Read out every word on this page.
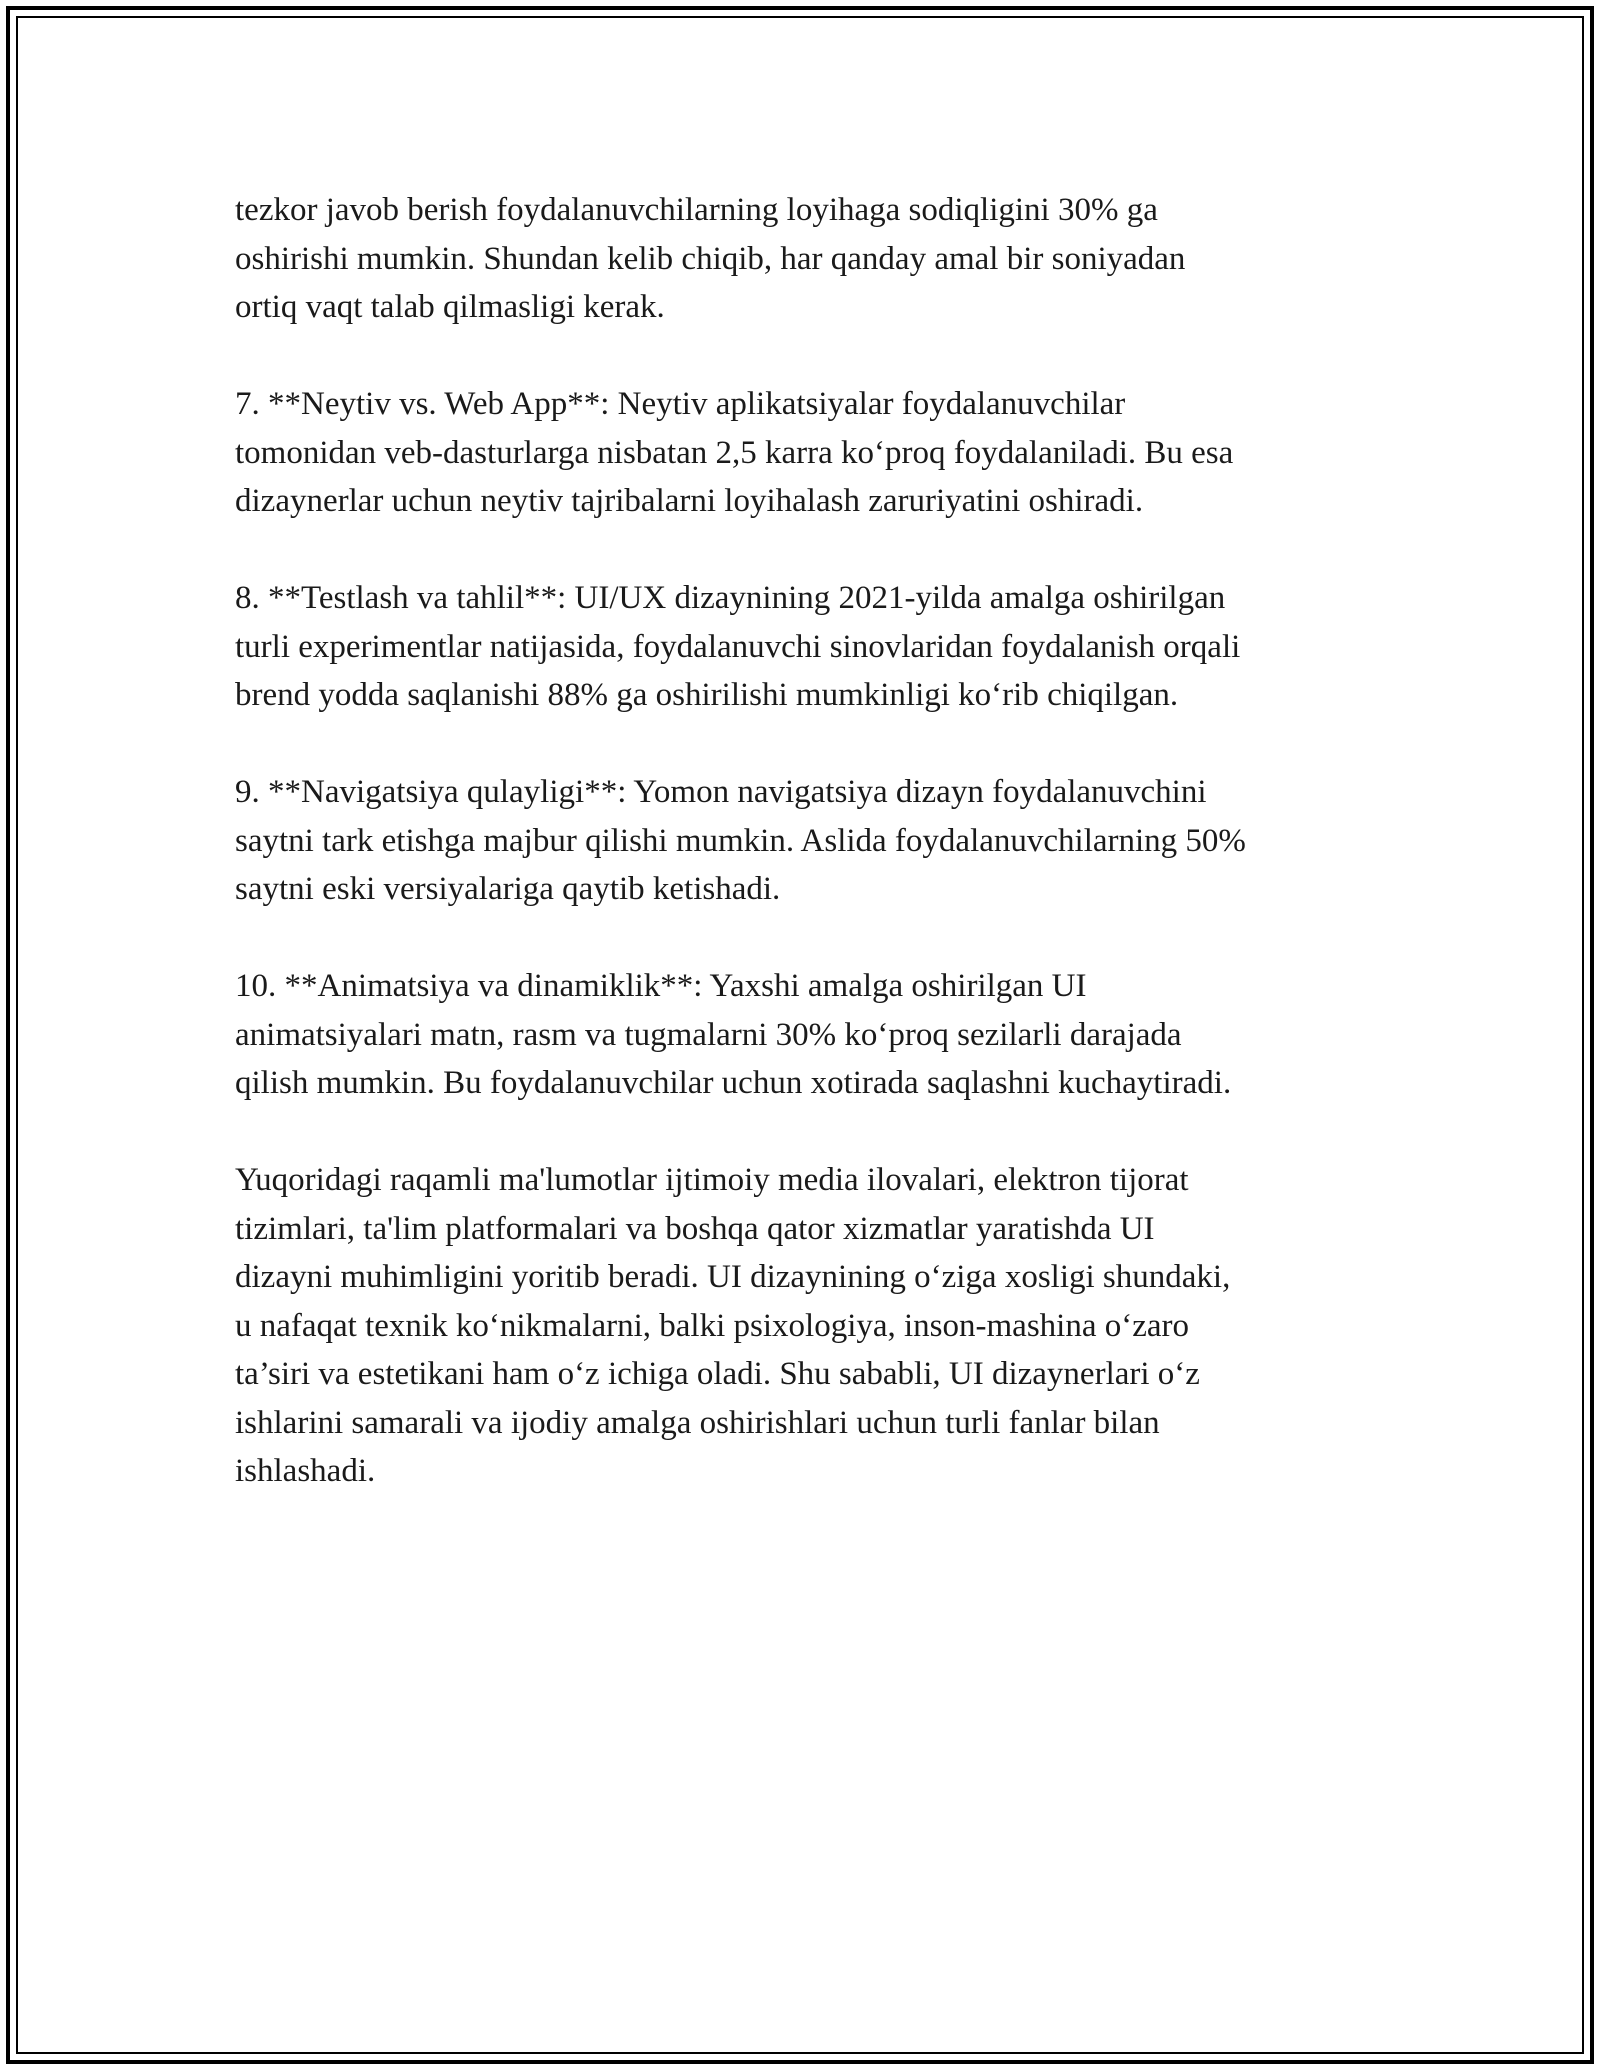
tezkor javob berish foydalanuvchilarning loyihaga sodiqligini 30% ga
oshirishi mumkin. Shundan kelib chiqib, har qanday amal bir soniyadan
ortiq vaqt talab qilmasligi kerak.

7. **Neytiv vs. Web App**: Neytiv aplikatsiyalar foydalanuvchilar
tomonidan veb-dasturlarga nisbatan 2,5 karra ko‘proq foydalaniladi. Bu esa
dizaynerlar uchun neytiv tajribalarni loyihalash zaruriyatini oshiradi.

8. **Testlash va tahlil**: UI/UX dizaynining 2021-yilda amalga oshirilgan
turli experimentlar natijasida, foydalanuvchi sinovlaridan foydalanish orqali
brend yodda saqlanishi 88% ga oshirilishi mumkinligi ko‘rib chiqilgan.

9. **Navigatsiya qulayligi**: Yomon navigatsiya dizayn foydalanuvchini
saytni tark etishga majbur qilishi mumkin. Aslida foydalanuvchilarning 50%
saytni eski versiyalariga qaytib ketishadi.

10. **Animatsiya va dinamiklik**: Yaxshi amalga oshirilgan UI
animatsiyalari matn, rasm va tugmalarni 30% ko‘proq sezilarli darajada
qilish mumkin. Bu foydalanuvchilar uchun xotirada saqlashni kuchaytiradi.

Yuqoridagi raqamli ma'lumotlar ijtimoiy media ilovalari, elektron tijorat
tizimlari, ta'lim platformalari va boshqa qator xizmatlar yaratishda UI
dizayni muhimligini yoritib beradi. UI dizaynining o‘ziga xosligi shundaki,
u nafaqat texnik ko‘nikmalarni, balki psixologiya, inson-mashina o‘zaro
ta’siri va estetikani ham o‘z ichiga oladi. Shu sababli, UI dizaynerlari o‘z
ishlarini samarali va ijodiy amalga oshirishlari uchun turli fanlar bilan
ishlashadi.
